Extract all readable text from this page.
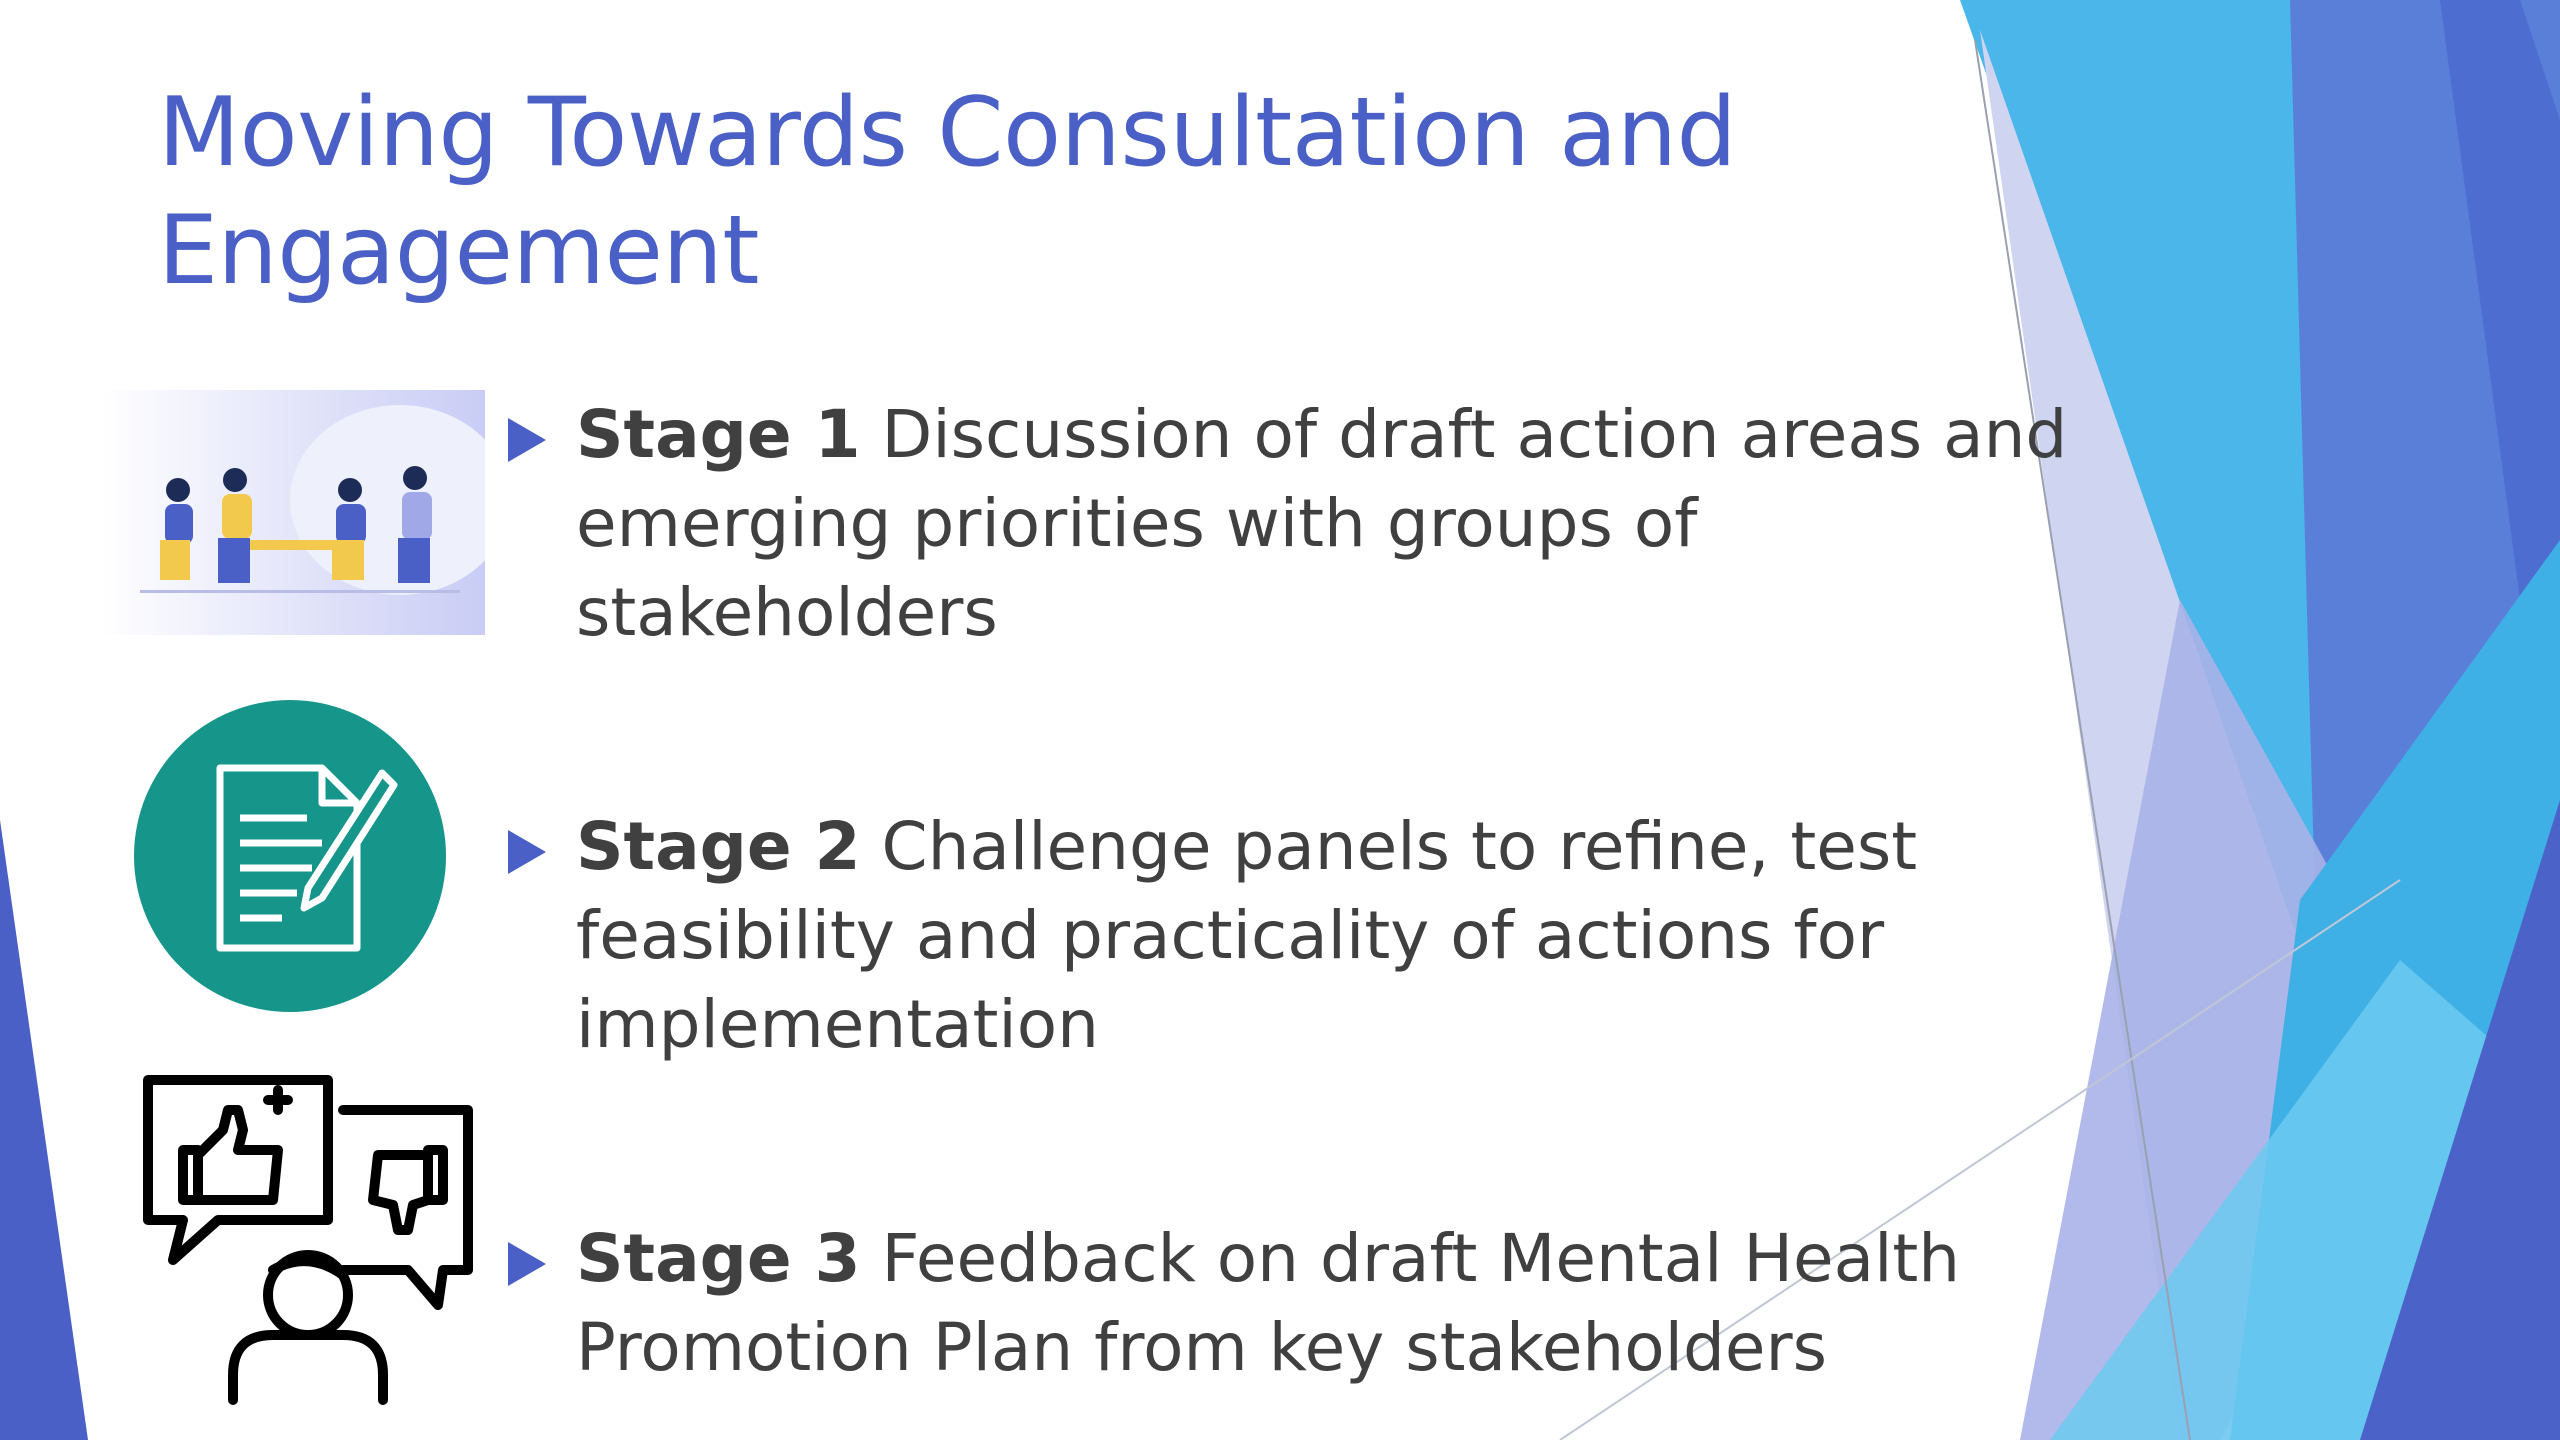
Moving Towards Consultation and
Engagement
Stage 1 Discussion of draft action areas and
emerging priorities with groups of
stakeholders
Stage 2 Challenge panels to refine, test
feasibility and practicality of actions for
implementation
Stage 3 Feedback on draft Mental Health
Promotion Plan from key stakeholders
